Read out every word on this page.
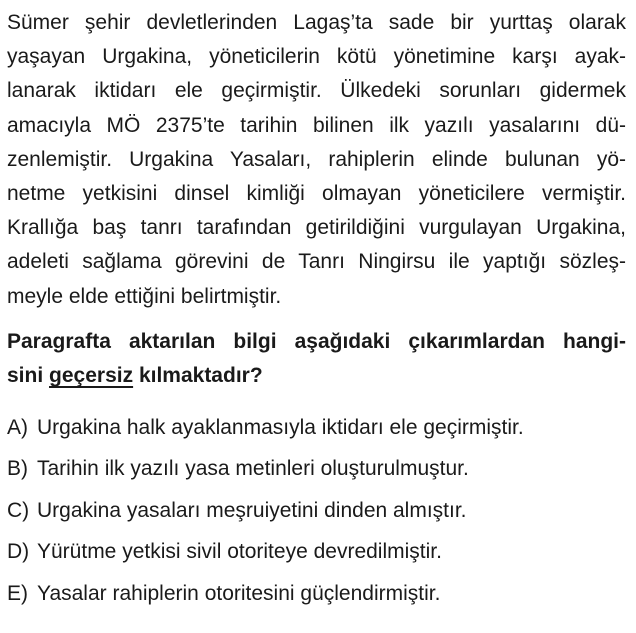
Sümer şehir devletlerinden Lagaş’ta sade bir yurttaş olarak
yaşayan Urgakina, yöneticilerin kötü yönetimine karşı ayak-
lanarak iktidarı ele geçirmiştir. Ülkedeki sorunları gidermek
amacıyla MÖ 2375’te tarihin bilinen ilk yazılı yasalarını dü-
zenlemiştir. Urgakina Yasaları, rahiplerin elinde bulunan yö-
netme yetkisini dinsel kimliği olmayan yöneticilere vermiştir.
Krallığa baş tanrı tarafından getirildiğini vurgulayan Urgakina,
adeleti sağlama görevini de Tanrı Ningirsu ile yaptığı sözleş-
meyle elde ettiğini belirtmiştir.

Paragrafta aktarılan bilgi aşağıdaki çıkarımlardan hangi-
sini geçersiz kılmaktadır?
A) Urgakina halk ayaklanmasıyla iktidarı ele geçirmiştir.
B) Tarihin ilk yazılı yasa metinleri oluşturulmuştur.
C) Urgakina yasaları meşruiyetini dinden almıştır.
D) Yürütme yetkisi sivil otoriteye devredilmiştir.
E) Yasalar rahiplerin otoritesini güçlendirmiştir.
